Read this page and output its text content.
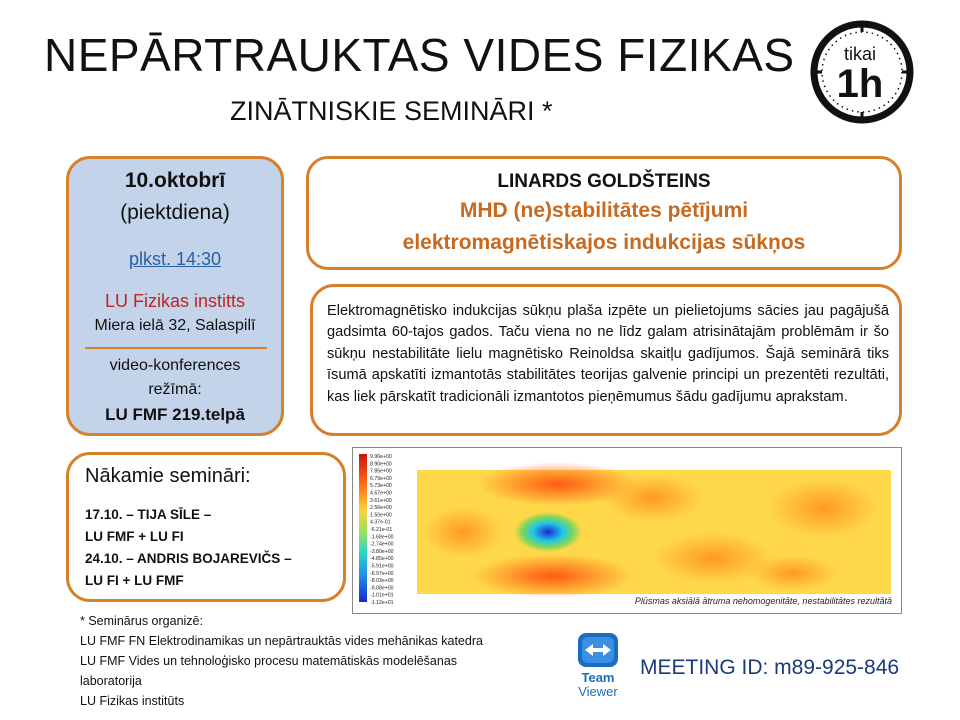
NEPĀRTRAUKTAS VIDES FIZIKAS
ZINĀTNISKIE SEMINĀRI *
tikai
1h
10.oktobrī
(piektdiena)
plkst. 14:30
LU Fizikas institts
Miera ielā 32, Salaspilī
video-konferences
režīmā:
LU FMF 219.telpā
LINARDS GOLDŠTEINS
MHD (ne)stabilitātes pētījumi
elektromagnētiskajos indukcijas sūkņos
Elektromagnētisko indukcijas sūkņu plaša izpēte un pielietojums sācies jau pagājušā gadsimta 60-tajos gados. Taču viena no ne līdz galam atrisinātajām problēmām ir šo sūkņu nestabilitāte lielu magnētisko Reinoldsa skaitļu gadījumos. Šajā seminārā tiks īsumā apskatīti izmantotās stabilitātes teorijas galvenie principi un prezentēti rezultāti, kas liek pārskatīt tradicionāli izmantotos pieņēmumus šādu gadījumu aprakstam.
Nākamie semināri:
17.10. – TIJA SĪLE –
LU FMF + LU FI
24.10. – ANDRIS BOJAREVIČS –
LU FI + LU FMF
9.96e+00
8.90e+00
7.85e+00
6.79e+00
5.73e+00
4.67e+00
3.61e+00
2.56e+00
1.50e+00
4.37e-01
-6.21e-01
-1.68e+00
-2.74e+00
-3.80e+00
-4.85e+00
-5.91e+00
-6.97e+00
-8.03e+00
-9.08e+00
-1.01e+01
-1.12e+01	Plūsmas aksiālā ātruma nehomogenitāte, nestabilitātes rezultātā
* Seminārus organizē:
LU FMF FN Elektrodinamikas un nepārtrauktās vides mehānikas katedra
LU FMF Vides un tehnoloģisko procesu matemātiskās modelēšanas
laboratorija
LU Fizikas institūts
Team
Viewer
MEETING ID: m89-925-846
